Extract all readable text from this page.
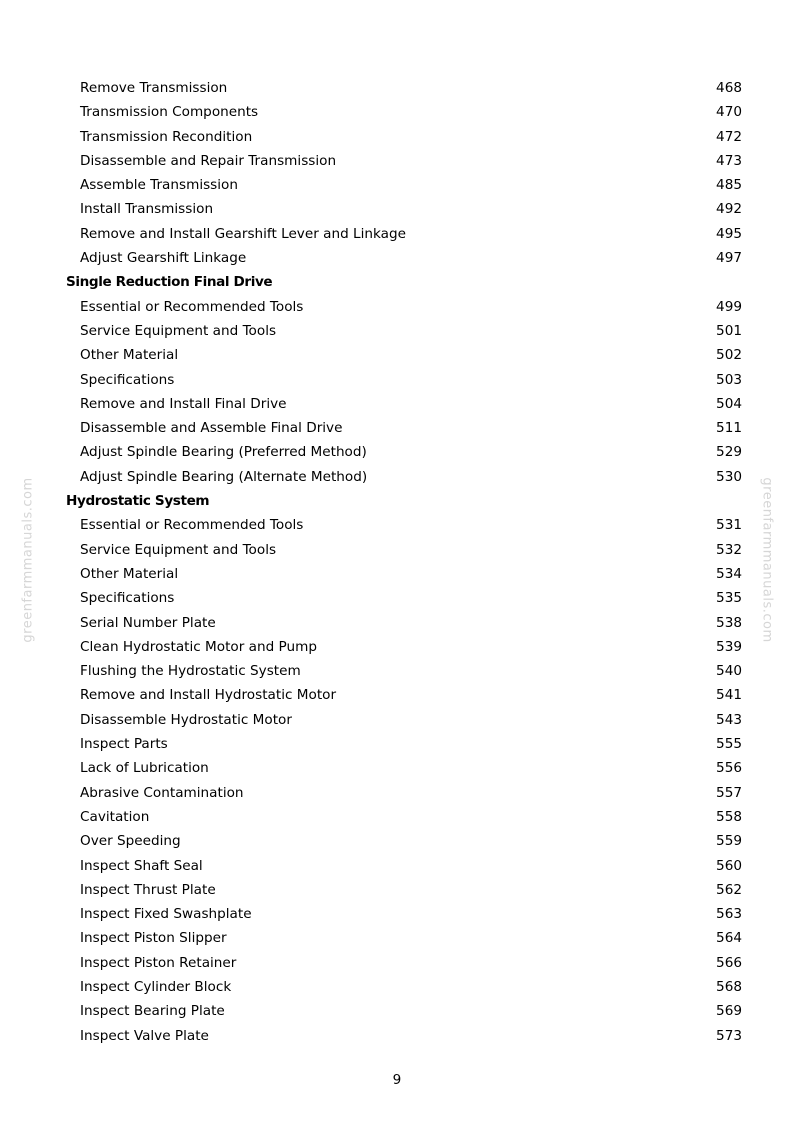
greenfarmmanuals.com	greenfarmmanuals.com
Remove Transmission	468
Transmission Components	470
Transmission Recondition	472
Disassemble and Repair Transmission	473
Assemble Transmission	485
Install Transmission	492
Remove and Install Gearshift Lever and Linkage	495
Adjust Gearshift Linkage	497
Single Reduction Final Drive
Essential or Recommended Tools	499
Service Equipment and Tools	501
Other Material	502
Specifications	503
Remove and Install Final Drive	504
Disassemble and Assemble Final Drive	511
Adjust Spindle Bearing (Preferred Method)	529
Adjust Spindle Bearing (Alternate Method)	530
Hydrostatic System
Essential or Recommended Tools	531
Service Equipment and Tools	532
Other Material	534
Specifications	535
Serial Number Plate	538
Clean Hydrostatic Motor and Pump	539
Flushing the Hydrostatic System	540
Remove and Install Hydrostatic Motor	541
Disassemble Hydrostatic Motor	543
Inspect Parts	555
Lack of Lubrication	556
Abrasive Contamination	557
Cavitation	558
Over Speeding	559
Inspect Shaft Seal	560
Inspect Thrust Plate	562
Inspect Fixed Swashplate	563
Inspect Piston Slipper	564
Inspect Piston Retainer	566
Inspect Cylinder Block	568
Inspect Bearing Plate	569
Inspect Valve Plate	573
9
